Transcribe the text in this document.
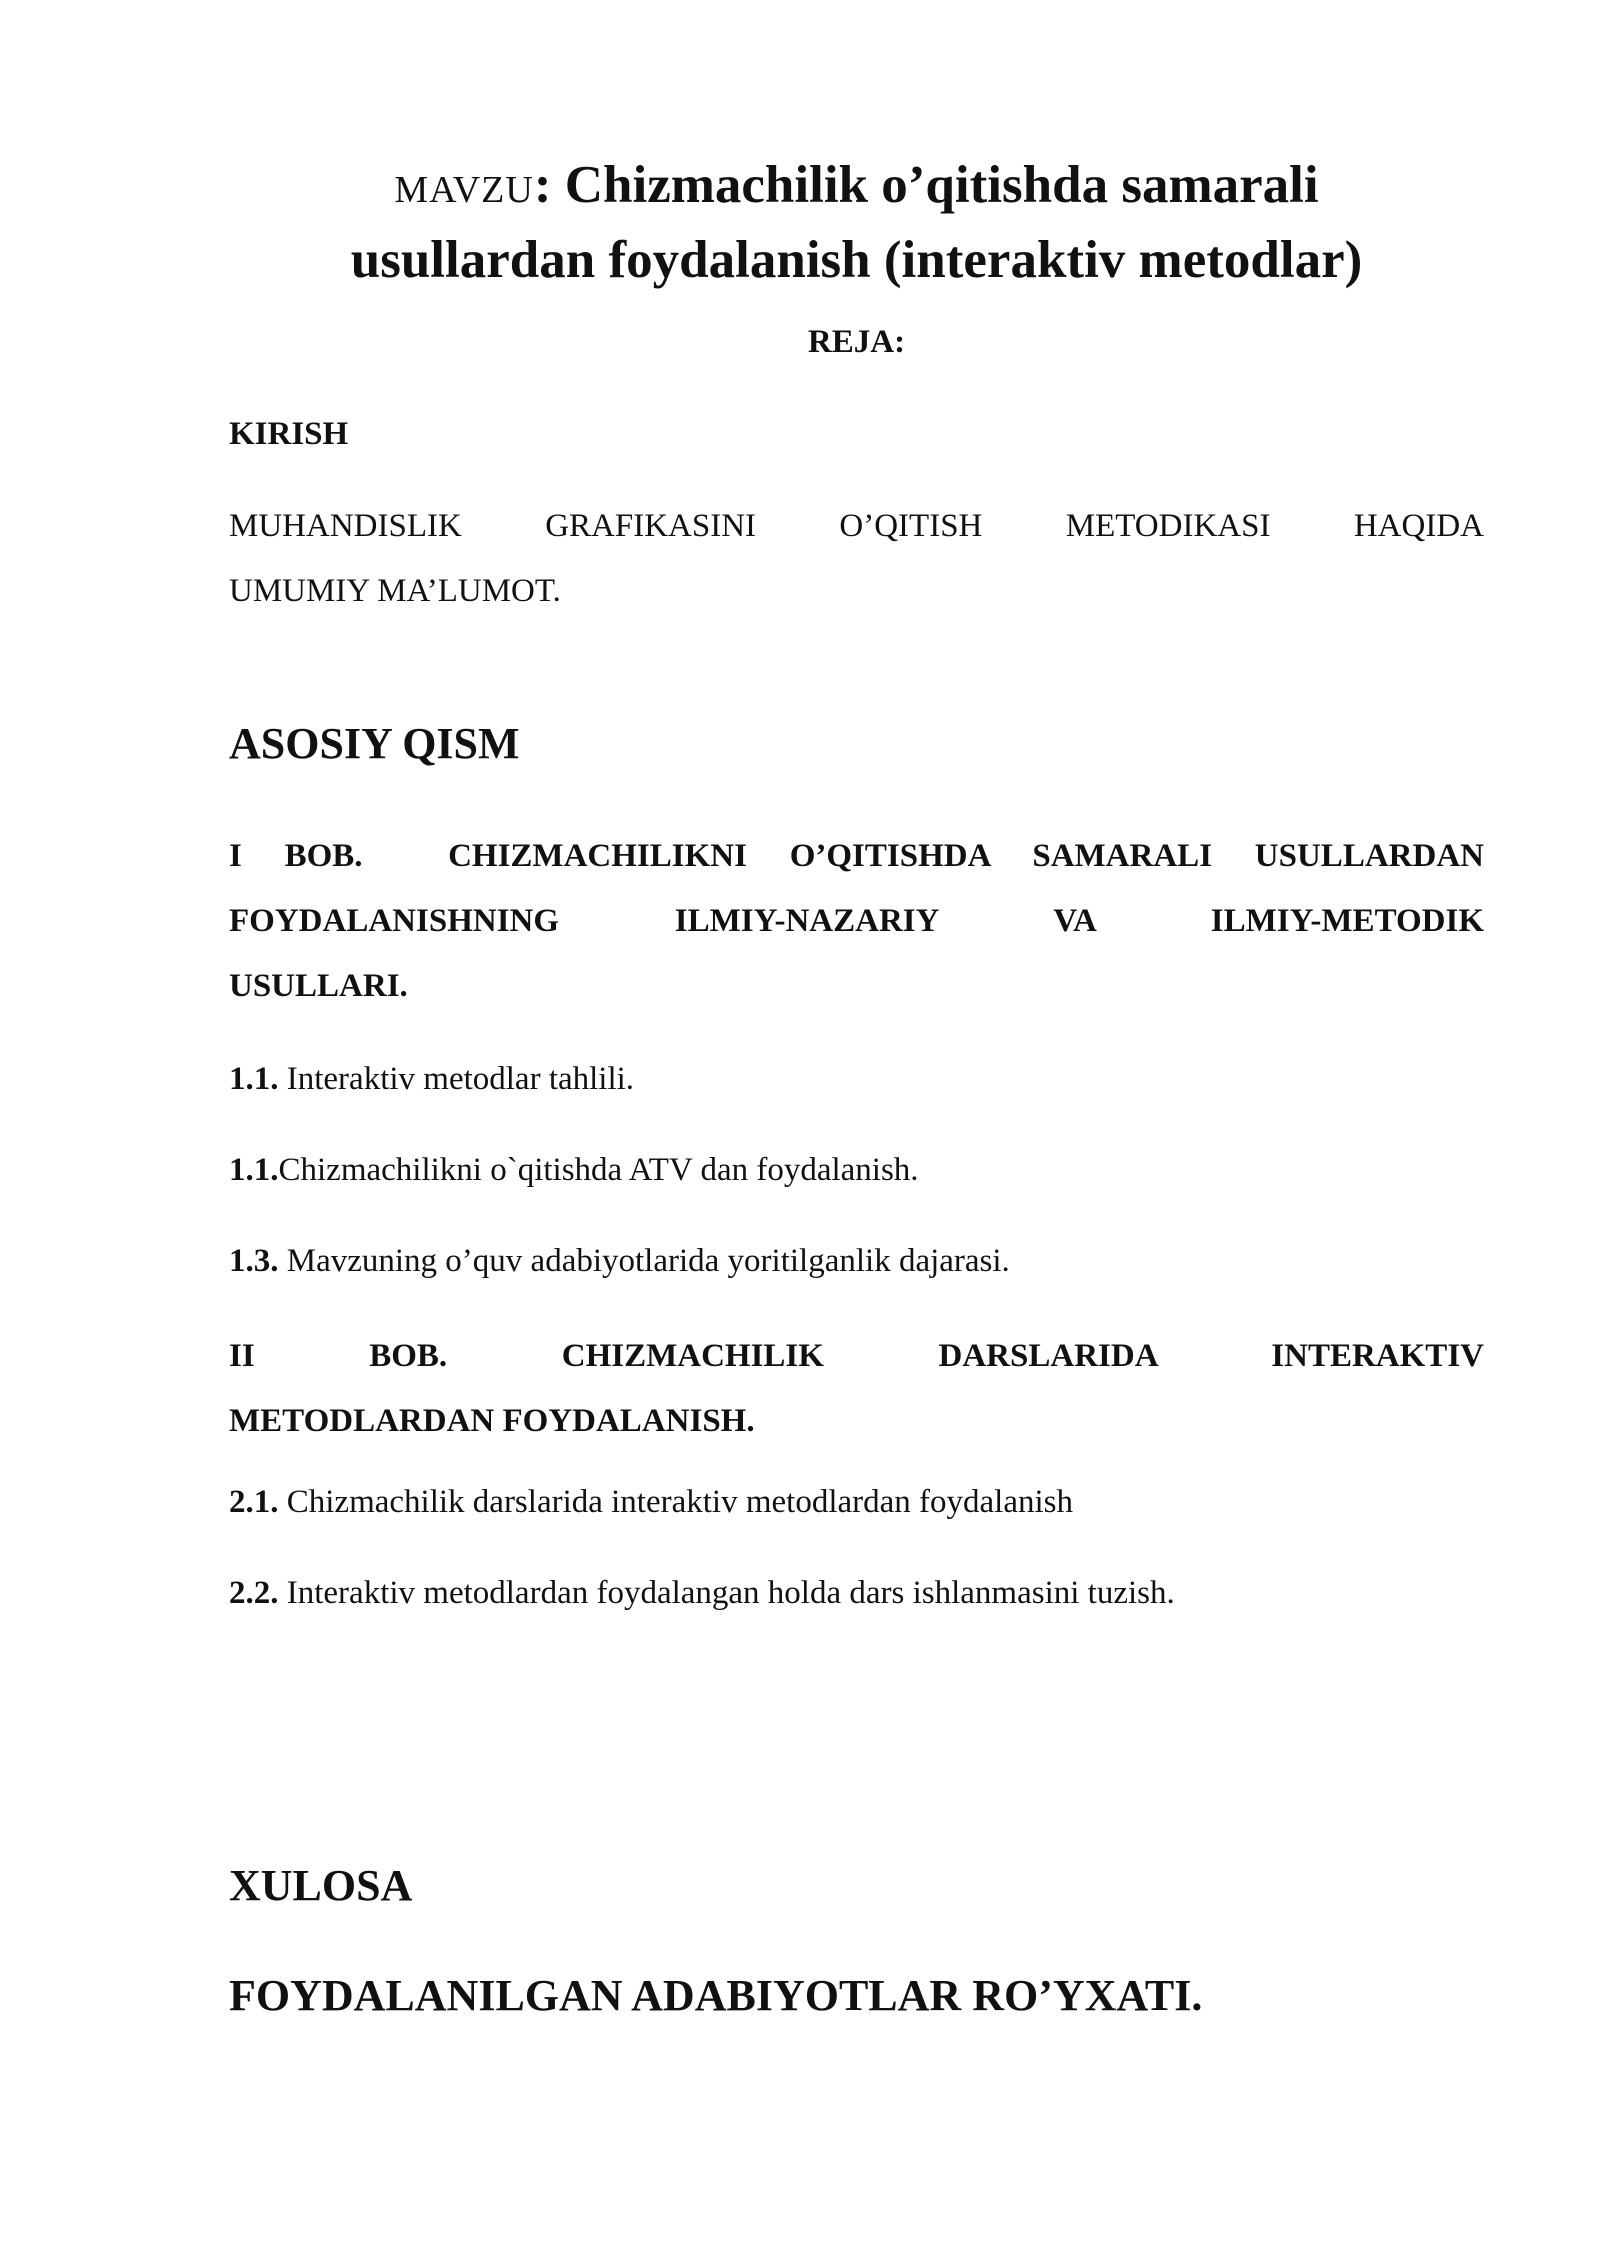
MAVZU: Chizmachilik o’qitishda samarali
usullardan foydalanish (interaktiv metodlar)
REJA:
KIRISH
MUHANDISLIK GRAFIKASINI O’QITISH METODIKASI HAQIDA
UMUMIY MA’LUMOT.
ASOSIY QISM
I BOB.  CHIZMACHILIKNI O’QITISHDA SAMARALI USULLARDAN
FOYDALANISHNING ILMIY-NAZARIY VA ILMIY-METODIK
USULLARI.
1.1. Interaktiv metodlar tahlili.
1.1.Chizmachilikni o`qitishda ATV dan foydalanish.
1.3. Mavzuning o’quv adabiyotlarida yoritilganlik dajarasi.
II BOB. CHIZMACHILIK DARSLARIDA INTERAKTIV
METODLARDAN FOYDALANISH.
2.1. Chizmachilik darslarida interaktiv metodlardan foydalanish
2.2. Interaktiv metodlardan foydalangan holda dars ishlanmasini tuzish.
XULOSA
FOYDALANILGAN ADABIYOTLAR RO’YXATI.
